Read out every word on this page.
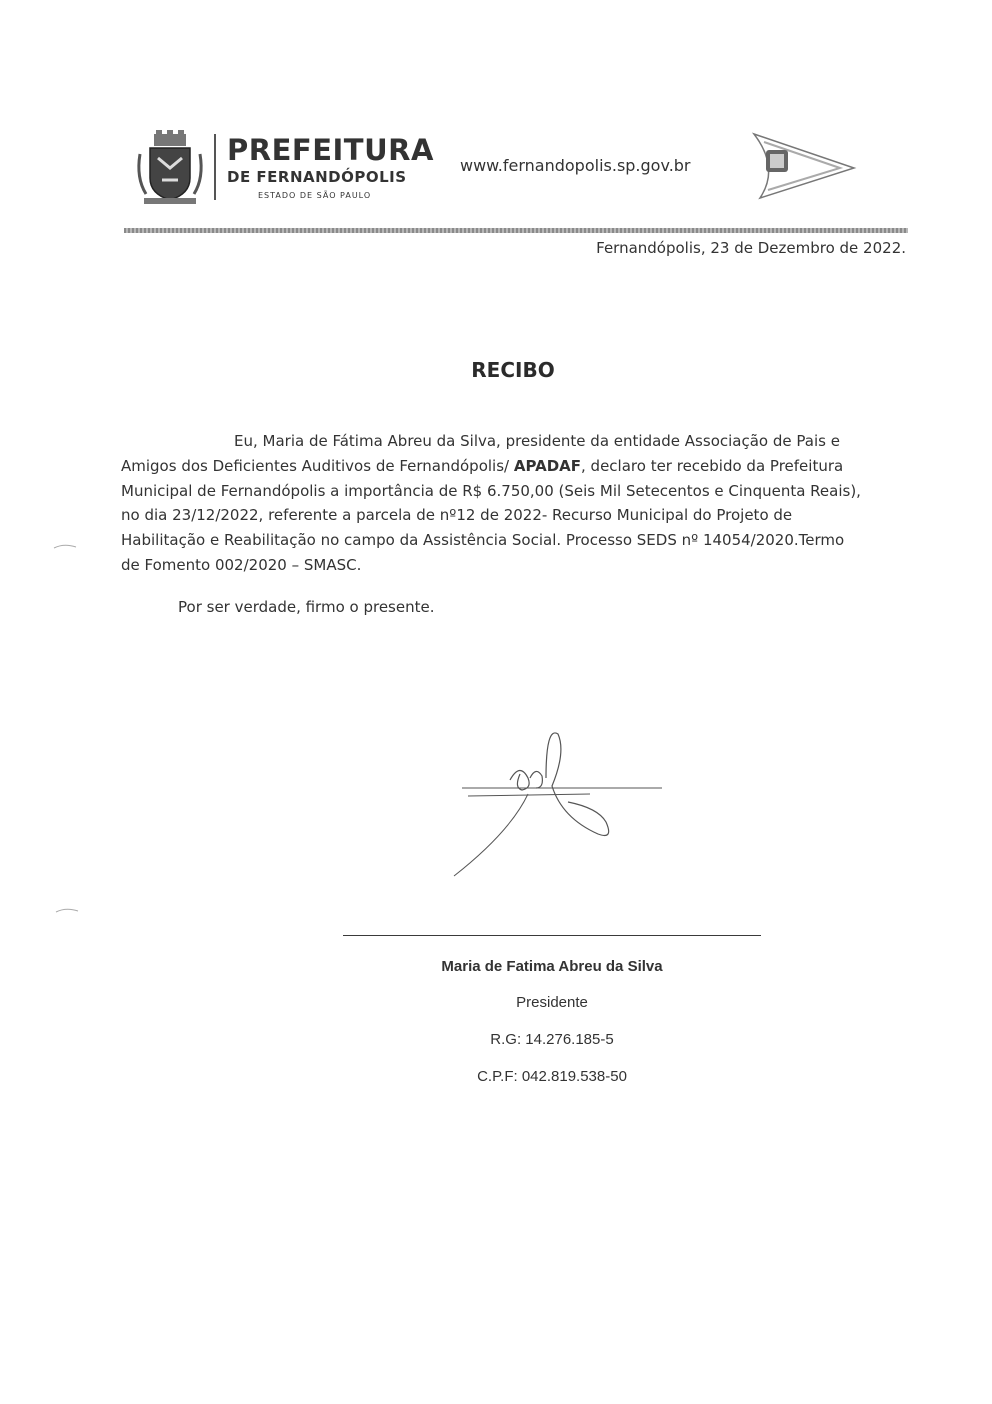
PREFEITURA
DE FERNANDÓPOLIS
ESTADO DE SÃO PAULO
www.fernandopolis.sp.gov.br
Fernandópolis, 23 de Dezembro de 2022.
RECIBO

Eu, Maria de Fátima Abreu da Silva, presidente da entidade Associação de Pais e

Amigos dos Deficientes Auditivos de Fernandópolis/ APADAF, declaro ter recebido da Prefeitura

Municipal de Fernandópolis a importância de R$ 6.750,00 (Seis Mil Setecentos e Cinquenta Reais),

no dia 23/12/2022, referente a parcela de nº12 de 2022- Recurso Municipal do Projeto de

Habilitação e Reabilitação no campo da Assistência Social. Processo SEDS nº 14054/2020.Termo

de Fomento 002/2020 – SMASC.

Por ser verdade, firmo o presente.
Maria de Fatima Abreu da Silva
Presidente
R.G: 14.276.185-5
C.P.F: 042.819.538-50
